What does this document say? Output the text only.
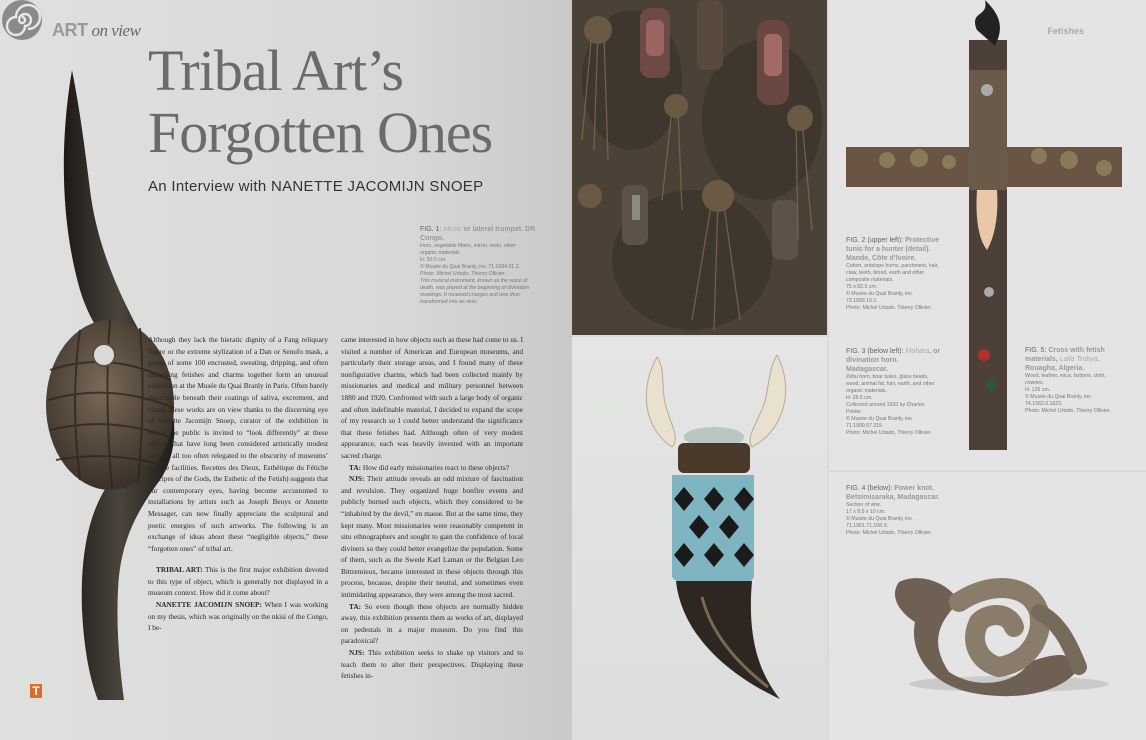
ART on view
Tribal Art’s
Forgotten Ones
An Interview with NANETTE JACOMIJN SNOEP
FIG. 1: Mosic or lateral trumpet. DR Congo.
Horn, vegetable fibers, mirror, resin, other
organic materials.
H: 50.5 cm.
© Musée du Quai Branly, inv. 71.1984.31.2.
Photo: Michel Urtado, Thierry Ollivier.
This musical instrument, known as the voice of death, was played at the beginning of divination meetings. It received charges and was thus transformed into an nkisi.

Although they lack the hieratic dignity of a Fang reliquary figure or the extreme stylization of a Dan or Senufo mask, a group of some 100 encrusted, sweating, dripping, and often disturbing fetishes and charms together form an unusual exhibition at the Musée du Quai Branly in Paris. Often barely discernible beneath their coatings of saliva, excrement, and blood, these works are on view thanks to the discerning eye of Nanette Jacomijn Snoep, curator of the exhibition in which the public is invited to “look differently” at these objects that have long been considered artistically modest and are all too often relegated to the obscurity of museums’ storage facilities. Recettes des Dieux, Esthétique du Fétiche (Recipes of the Gods, the Esthetic of the Fetish) suggests that our contemporary eyes, having become accustomed to installations by artists such as Joseph Beuys or Annette Messager, can now finally appreciate the sculptural and poetic energies of such artworks. The following is an exchange of ideas about these “negligible objects,” these “forgotten ones” of tribal art.

TRIBAL ART: This is the first major exhibition devoted to this type of object, which is generally not displayed in a museum context. How did it come about?

NANETTE JACOMIJN SNOEP: When I was working on my thesis, which was originally on the nkisi of the Congo, I be-

came interested in how objects such as these had come to us. I visited a number of American and European museums, and particularly their storage areas, and I found many of these nonfigurative charms, which had been collected mainly by missionaries and medical and military personnel between 1880 and 1920. Confronted with such a large body of organic and often indefinable material, I decided to expand the scope of my research so I could better understand the significance that these fetishes had. Although often of very modest appearance, each was heavily invested with an important sacred charge.

TA: How did early missionaries react to these objects?

NJS: Their attitude reveals an odd mixture of fascination and revulsion. They organized huge bonfire events and publicly burned such objects, which they considered to be “inhabited by the devil,” en masse. But at the same time, they kept many. Most missionaries were reasonably competent in situ ethnographers and sought to gain the confidence of local diviners so they could better evangelize the population. Some of them, such as the Swede Karl Laman or the Belgian Leo Bittremieux, became interested in these objects through this process, because, despite their neutral, and sometimes even intimidating appearance, they were among the most sacred.

TA: So even though these objects are normally hidden away, this exhibition presents them as works of art, displayed on pedestals in a major museum. Do you find this paradoxical?

NJS: This exhibition seeks to shake up visitors and to teach them to alter their perspectives. Displaying these fetishes in-

T
Fetishes
FIG. 2 (upper left): Protective tunic for a hunter (detail). Mande, Côte d’Ivoire.
Cotton, antelope horns, parchment, hair, claw, teeth, blood, earth and other composite materials.
75 x 82.5 cm.
© Musée du Quai Branly, inv. 73.1999.16.1.
Photo: Michel Urtado, Thierry Ollivier.
FIG. 3 (below left): Mohara, or divination horn. Madagascar.
Zebu horn, boar tusks, glass beads, wood, animal fat, hair, earth, and other organic materials.
H: 28.5 cm.
Collected around 1930 by Charles Poirier.
© Musée du Quai Branly, inv. 71.1990.57.315.
Photo: Michel Urtado, Thierry Ollivier.
FIG. 4 (below): Power knot. Betsimisaraka, Madagascar.
Section of vine.
17 x 8.5 x 10 cm.
© Musée du Quai Branly, inv. 71.1961.71.108 X.
Photo: Michel Urtado, Thierry Ollivier.
FIG. 5: Cross with fetish materials, Lalla Trubya. Rouagha, Algeria.
Wood, leather, mica, buttons, cloth, cowries.
H: 126 cm.
© Musée du Quai Branly, inv. 74.1962.0.1623.
Photo: Michel Urtado, Thierry Ollivier.
